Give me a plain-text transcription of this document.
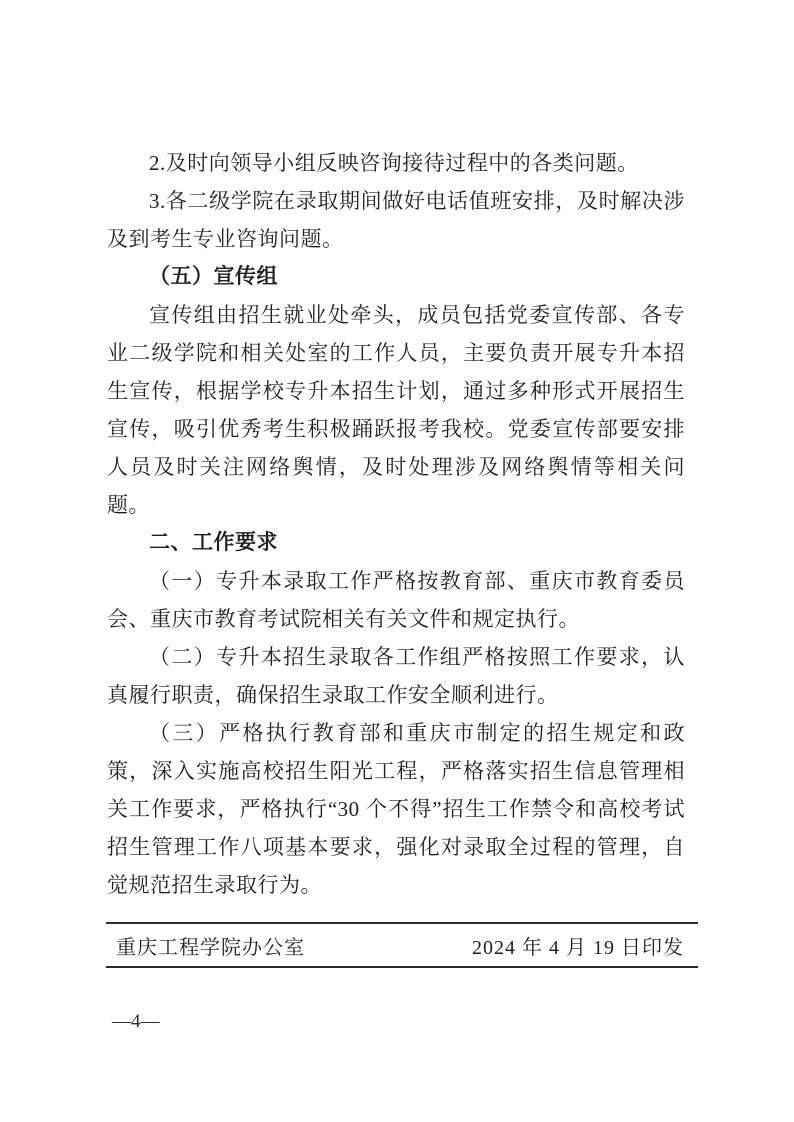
2.及时向领导小组反映咨询接待过程中的各类问题。

3.各二级学院在录取期间做好电话值班安排，及时解决涉及到考生专业咨询问题。

（五）宣传组

宣传组由招生就业处牵头，成员包括党委宣传部、各专业二级学院和相关处室的工作人员，主要负责开展专升本招生宣传，根据学校专升本招生计划，通过多种形式开展招生宣传，吸引优秀考生积极踊跃报考我校。党委宣传部要安排人员及时关注网络舆情，及时处理涉及网络舆情等相关问题。

二、工作要求

（一）专升本录取工作严格按教育部、重庆市教育委员会、重庆市教育考试院相关有关文件和规定执行。

（二）专升本招生录取各工作组严格按照工作要求，认真履行职责，确保招生录取工作安全顺利进行。

（三）严格执行教育部和重庆市制定的招生规定和政策，深入实施高校招生阳光工程，严格落实招生信息管理相关工作要求，严格执行“30 个不得”招生工作禁令和高校考试招生管理工作八项基本要求，强化对录取全过程的管理，自觉规范招生录取行为。

重庆工程学院办公室	2024 年 4 月 19 日印发
—4—
